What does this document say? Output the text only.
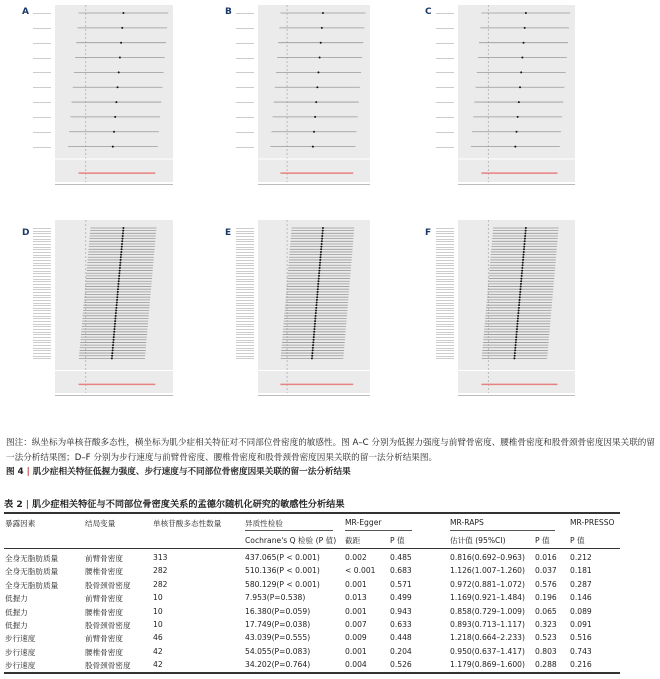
A	B	C
D	E	F
图注：纵坐标为单核苷酸多态性，横坐标为肌少症相关特征对不同部位骨密度的敏感性。图 A–C 分别为低握力强度与前臂骨密度、腰椎骨密度和股骨颈骨密度因果关联的留一法分析结果图；D–F 分别为步行速度与前臂骨密度、腰椎骨密度和股骨颈骨密度因果关联的留一法分析结果图。
图 4 | 肌少症相关特征低握力强度、步行速度与不同部位骨密度因果关联的留一法分析结果
表 2 | 肌少症相关特征与不同部位骨密度关系的孟德尔随机化研究的敏感性分析结果
暴露因素	结局变量	单核苷酸多态性数量	异质性检验	MR-Egger	MR-RAPS	MR-PRESSO
Cochrane's Q 检验 (P 值) 截距	P 值	估计值 (95%CI)	P 值	P 值
全身无脂肪质量	前臂骨密度	313	437.065(P < 0.001)	0.002	0.485	0.816(0.692–0.963) 0.016 0.212
全身无脂肪质量	腰椎骨密度	282	510.136(P < 0.001)	< 0.001 0.683	1.126(1.007–1.260) 0.037 0.181
全身无脂肪质量	股骨颈骨密度	282	580.129(P < 0.001)	0.001	0.571	0.972(0.881–1.072) 0.576 0.287
低握力	前臂骨密度	10	7.953(P=0.538)	0.013	0.499	1.169(0.921–1.484) 0.196 0.146
低握力	腰椎骨密度	10	16.380(P=0.059)	0.001	0.943	0.858(0.729–1.009) 0.065 0.089
低握力	股骨颈骨密度	10	17.749(P=0.038)	0.007	0.633	0.893(0.713–1.117) 0.323 0.091
步行速度	前臂骨密度	46	43.039(P=0.555)	0.009	0.448	1.218(0.664–2.233) 0.523 0.516
步行速度	腰椎骨密度	42	54.055(P=0.083)	0.001	0.204	0.950(0.637–1.417) 0.803 0.743
步行速度	股骨颈骨密度	42	34.202(P=0.764)	0.004	0.526	1.179(0.869–1.600) 0.288 0.216
